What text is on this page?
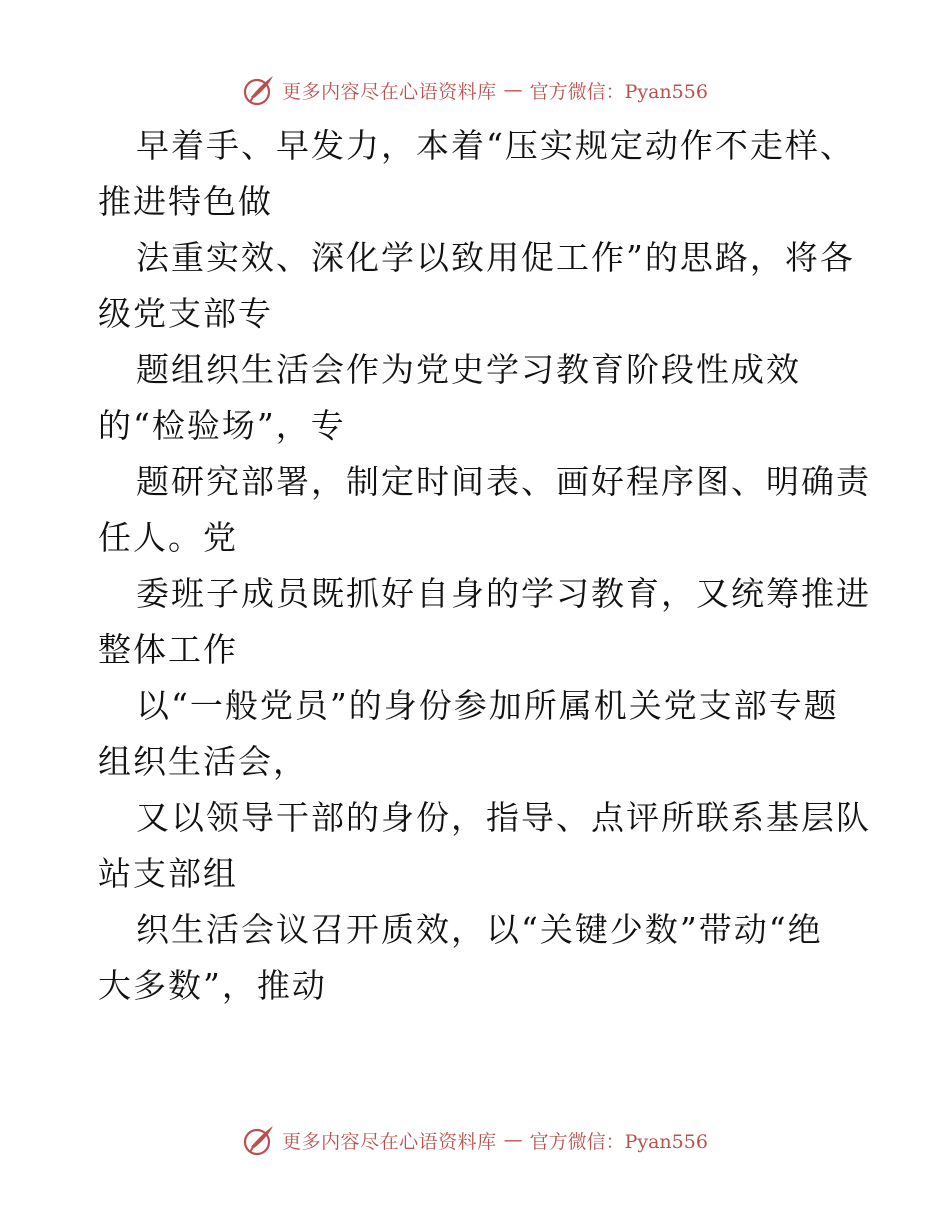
更多内容尽在心语资料库 — 官方微信：Pyan556

早着手、早发力，本着“压实规定动作不走样、

推进特色做

法重实效、深化学以致用促工作”的思路，将各

级党支部专

题组织生活会作为党史学习教育阶段性成效

的“检验场”，专

题研究部署，制定时间表、画好程序图、明确责

任人。党

委班子成员既抓好自身的学习教育，又统筹推进

整体工作

以“一般党员”的身份参加所属机关党支部专题

组织生活会，

又以领导干部的身份，指导、点评所联系基层队

站支部组

织生活会议召开质效，以“关键少数”带动“绝

大多数”，推动

更多内容尽在心语资料库 — 官方微信：Pyan556
